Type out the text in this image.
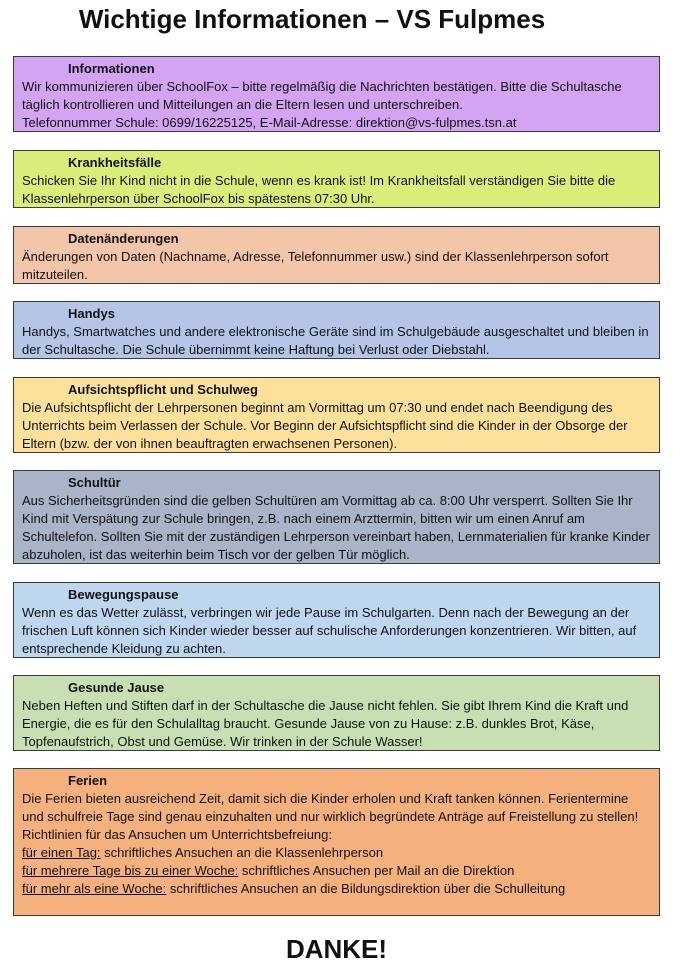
Wichtige Informationen – VS Fulpmes
Informationen
Wir kommunizieren über SchoolFox – bitte regelmäßig die Nachrichten bestätigen. Bitte die Schultasche täglich kontrollieren und Mitteilungen an die Eltern lesen und unterschreiben.
Telefonnummer Schule: 0699/16225125, E-Mail-Adresse: direktion@vs-fulpmes.tsn.at
Krankheitsfälle
Schicken Sie Ihr Kind nicht in die Schule, wenn es krank ist! Im Krankheitsfall verständigen Sie bitte die Klassenlehrperson über SchoolFox bis spätestens 07:30 Uhr.
Datenänderungen
Änderungen von Daten (Nachname, Adresse, Telefonnummer usw.) sind der Klassenlehrperson sofort mitzuteilen.
Handys
Handys, Smartwatches und andere elektronische Geräte sind im Schulgebäude ausgeschaltet und bleiben in der Schultasche. Die Schule übernimmt keine Haftung bei Verlust oder Diebstahl.
Aufsichtspflicht und Schulweg
Die Aufsichtspflicht der Lehrpersonen beginnt am Vormittag um 07:30 und endet nach Beendigung des Unterrichts beim Verlassen der Schule. Vor Beginn der Aufsichtspflicht sind die Kinder in der Obsorge der Eltern (bzw. der von ihnen beauftragten erwachsenen Personen).
Schultür
Aus Sicherheitsgründen sind die gelben Schultüren am Vormittag ab ca. 8:00 Uhr versperrt. Sollten Sie Ihr Kind mit Verspätung zur Schule bringen, z.B. nach einem Arzttermin, bitten wir um einen Anruf am Schultelefon. Sollten Sie mit der zuständigen Lehrperson vereinbart haben, Lernmaterialien für kranke Kinder abzuholen, ist das weiterhin beim Tisch vor der gelben Tür möglich.
Bewegungspause
Wenn es das Wetter zulässt, verbringen wir jede Pause im Schulgarten. Denn nach der Bewegung an der frischen Luft können sich Kinder wieder besser auf schulische Anforderungen konzentrieren. Wir bitten, auf entsprechende Kleidung zu achten.
Gesunde Jause
Neben Heften und Stiften darf in der Schultasche die Jause nicht fehlen. Sie gibt Ihrem Kind die Kraft und Energie, die es für den Schulalltag braucht. Gesunde Jause von zu Hause: z.B. dunkles Brot, Käse, Topfenaufstrich, Obst und Gemüse. Wir trinken in der Schule Wasser!
Ferien
Die Ferien bieten ausreichend Zeit, damit sich die Kinder erholen und Kraft tanken können. Ferientermine und schulfreie Tage sind genau einzuhalten und nur wirklich begründete Anträge auf Freistellung zu stellen!
Richtlinien für das Ansuchen um Unterrichtsbefreiung:
für einen Tag: schriftliches Ansuchen an die Klassenlehrperson
für mehrere Tage bis zu einer Woche: schriftliches Ansuchen per Mail an die Direktion
für mehr als eine Woche: schriftliches Ansuchen an die Bildungsdirektion über die Schulleitung
DANKE!
